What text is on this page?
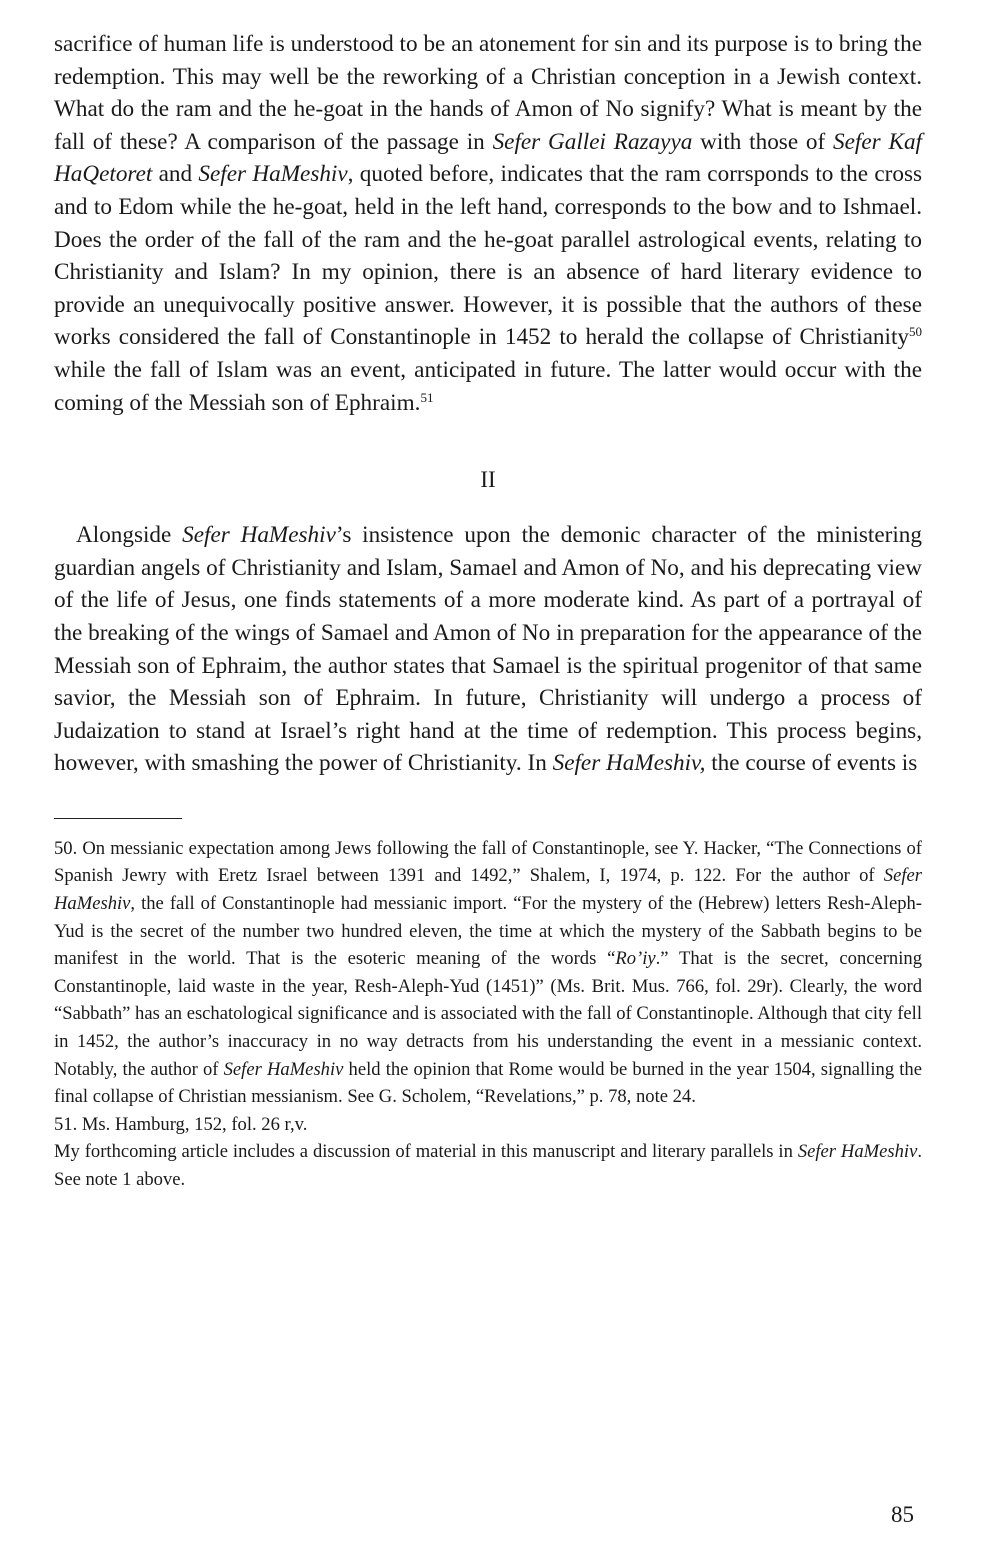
sacrifice of human life is understood to be an atonement for sin and its purpose is to bring the redemption. This may well be the reworking of a Christian conception in a Jewish context. What do the ram and the he-goat in the hands of Amon of No signify? What is meant by the fall of these? A comparison of the passage in Sefer Gallei Razayya with those of Sefer Kaf HaQetoret and Sefer HaMeshiv, quoted before, indicates that the ram corrsponds to the cross and to Edom while the he-goat, held in the left hand, corresponds to the bow and to Ishmael. Does the order of the fall of the ram and the he-goat parallel astrological events, relating to Christianity and Islam? In my opinion, there is an absence of hard literary evidence to provide an unequivocally positive answer. However, it is possible that the authors of these works considered the fall of Constantinople in 1452 to herald the collapse of Christianity$^{50}$ while the fall of Islam was an event, anticipated in future. The latter would occur with the coming of the Messiah son of Ephraim.$^{51}$

II

Alongside Sefer HaMeshiv’s insistence upon the demonic character of the ministering guardian angels of Christianity and Islam, Samael and Amon of No, and his deprecating view of the life of Jesus, one finds statements of a more moderate kind. As part of a portrayal of the breaking of the wings of Samael and Amon of No in preparation for the appearance of the Messiah son of Ephraim, the author states that Samael is the spiritual progenitor of that same savior, the Messiah son of Ephraim. In future, Christianity will undergo a process of Judaization to stand at Israel’s right hand at the time of redemption. This process begins, however, with smashing the power of Christianity. In Sefer HaMeshiv, the course of events is

50. On messianic expectation among Jews following the fall of Constantinople, see Y. Hacker, “The Connections of Spanish Jewry with Eretz Israel between 1391 and 1492,” Shalem, I, 1974, p. 122. For the author of Sefer HaMeshiv, the fall of Constantinople had messianic import. “For the mystery of the (Hebrew) letters Resh-Aleph-Yud is the secret of the number two hundred eleven, the time at which the mystery of the Sabbath begins to be manifest in the world. That is the esoteric meaning of the words “Ro’iy.” That is the secret, concerning Constantinople, laid waste in the year, Resh-Aleph-Yud (1451)” (Ms. Brit. Mus. 766, fol. 29r). Clearly, the word “Sabbath” has an eschatological significance and is associated with the fall of Constantinople. Although that city fell in 1452, the author’s inaccuracy in no way detracts from his understanding the event in a messianic context. Notably, the author of Sefer HaMeshiv held the opinion that Rome would be burned in the year 1504, signalling the final collapse of Christian messianism. See G. Scholem, “Revelations,” p. 78, note 24.

51. Ms. Hamburg, 152, fol. 26 r,v.

My forthcoming article includes a discussion of material in this manuscript and literary parallels in Sefer HaMeshiv. See note 1 above.

85
